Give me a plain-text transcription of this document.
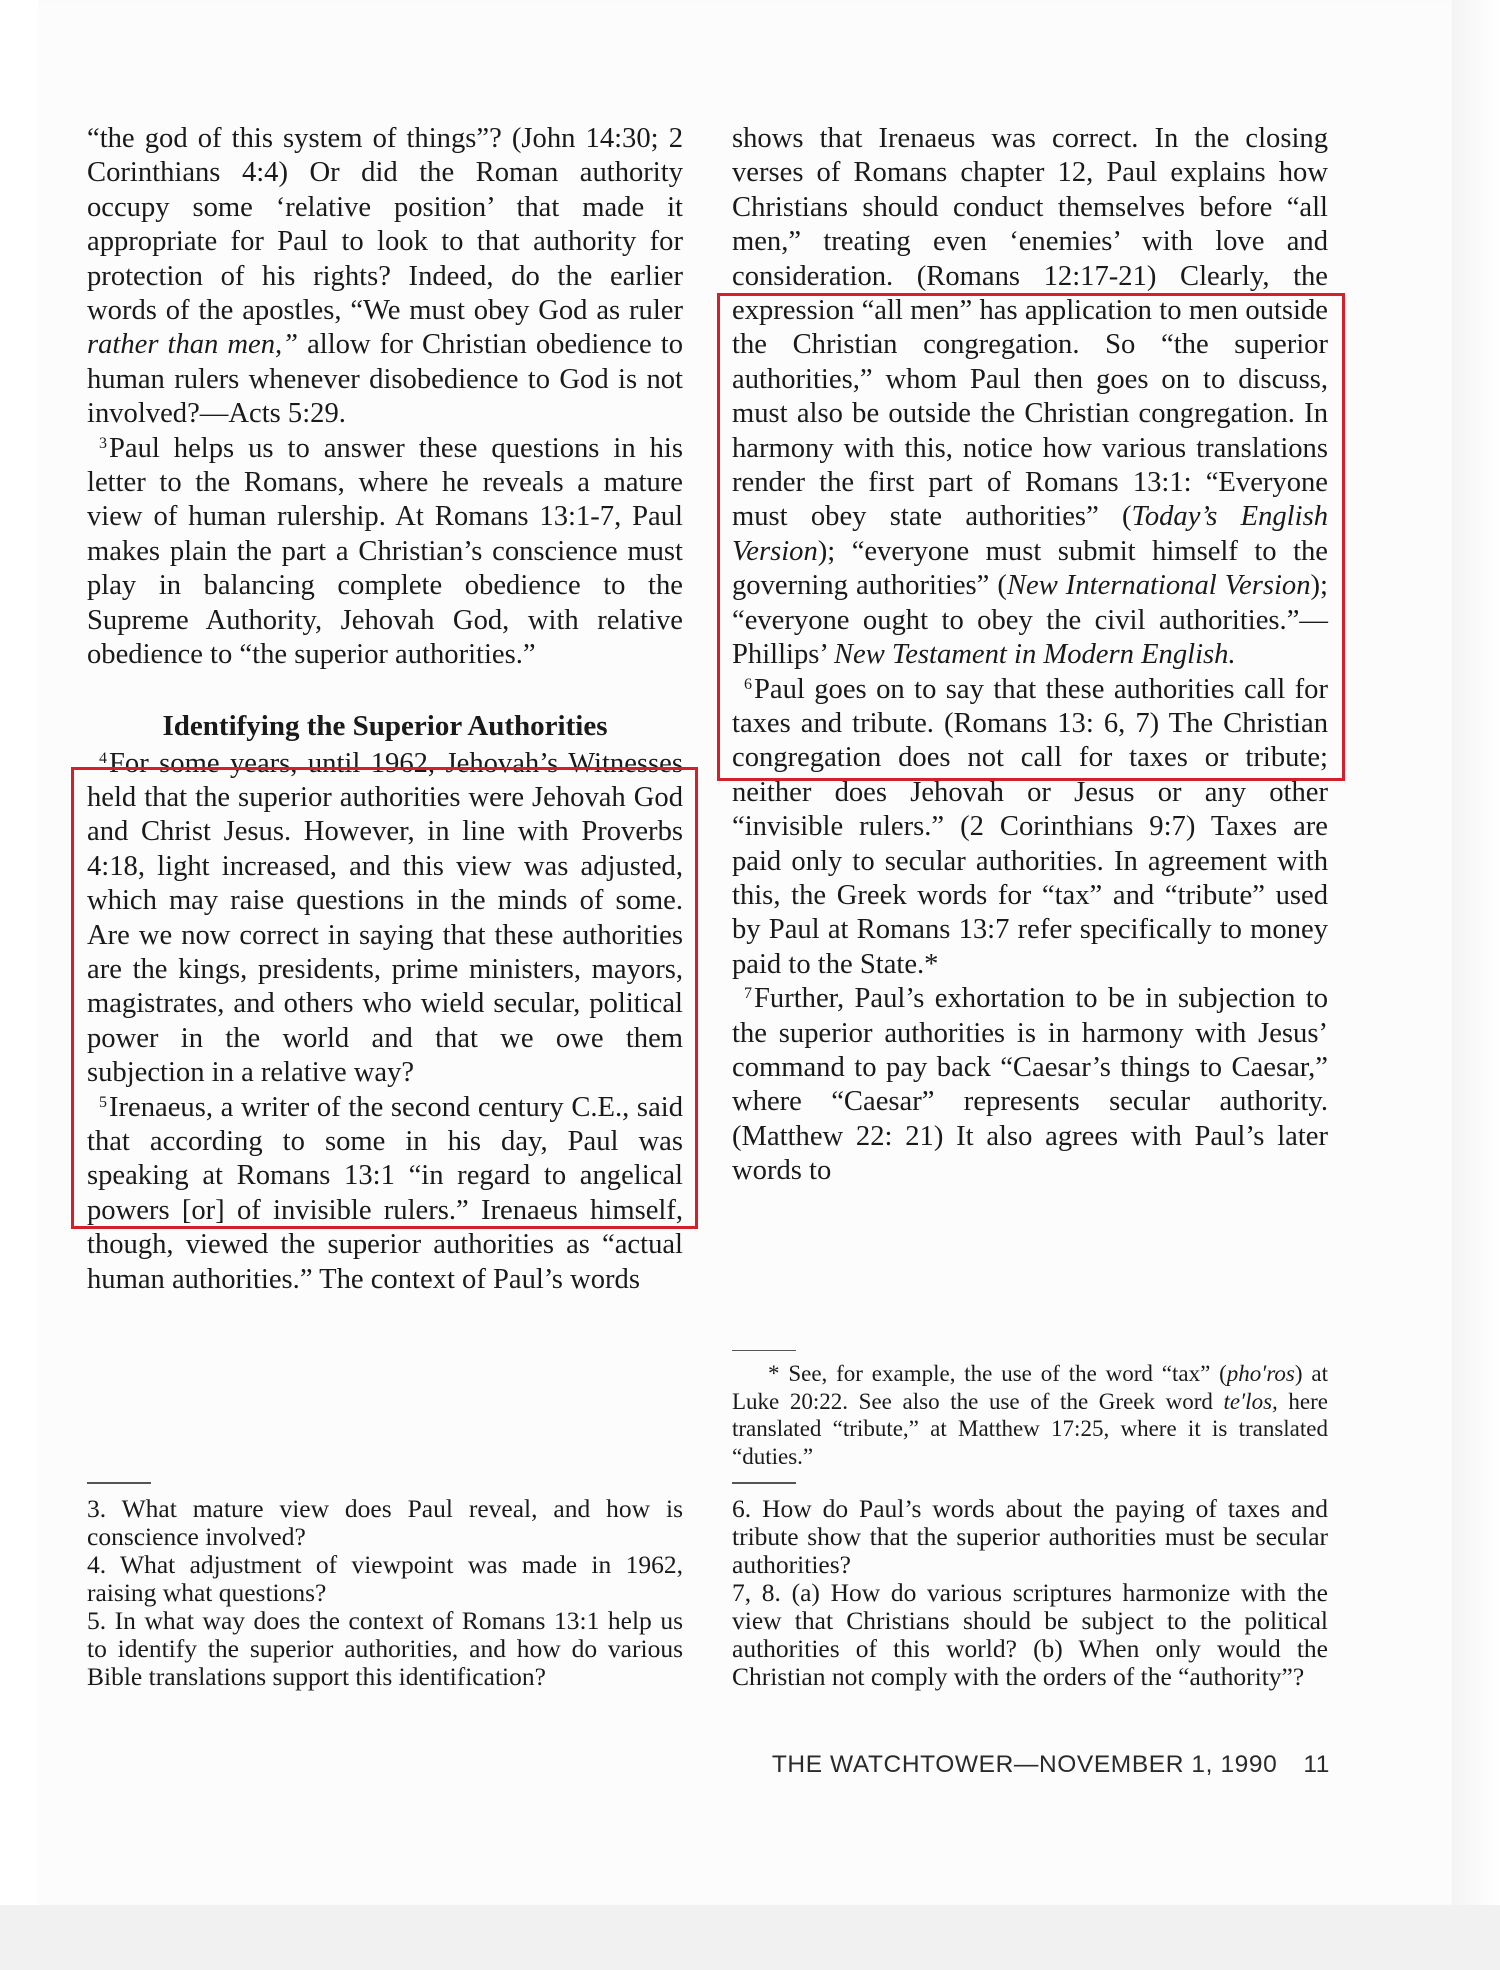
“the god of this system of things”? (John 14:30; 2 Corinthians 4:4) Or did the Roman authority occupy some ‘relative position’ that made it appropriate for Paul to look to that authority for protection of his rights? Indeed, do the earlier words of the apostles, “We must obey God as ruler rather than men,” allow for Christian obedience to human rulers whenever disobedience to God is not involved?—Acts 5:29.

$^3$Paul helps us to answer these questions in his letter to the Romans, where he reveals a mature view of human rulership. At Romans 13:1-7, Paul makes plain the part a Christian’s conscience must play in balancing complete obedience to the Supreme Authority, Jehovah God, with relative obedience to “the superior authorities.”

Identifying the Superior Authorities

$^4$For some years, until 1962, Jehovah’s Witnesses held that the superior authorities were Jehovah God and Christ Jesus. However, in line with Proverbs 4:18, light increased, and this view was adjusted, which may raise questions in the minds of some. Are we now correct in saying that these authorities are the kings, presidents, prime ministers, mayors, magistrates, and others who wield secular, political power in the world and that we owe them subjection in a relative way?

$^5$Irenaeus, a writer of the second century C.E., said that according to some in his day, Paul was speaking at Romans 13:1 “in regard to angelical powers [or] of invisible rulers.” Irenaeus himself, though, viewed the superior authorities as “actual human authorities.” The context of Paul’s words

shows that Irenaeus was correct. In the closing verses of Romans chapter 12, Paul explains how Christians should conduct themselves before “all men,” treating even ‘enemies’ with love and consideration. (Romans 12:17-21) Clearly, the expression “all men” has application to men outside the Christian congregation. So “the superior authorities,” whom Paul then goes on to discuss, must also be outside the Christian congregation. In harmony with this, notice how various translations render the first part of Romans 13:1: “Everyone must obey state authorities” (Today’s English Version); “everyone must submit himself to the governing authorities” (New International Version); “everyone ought to obey the civil authorities.”—Phillips’ New Testament in Modern English.

$^6$Paul goes on to say that these authorities call for taxes and tribute. (Romans 13: 6, 7) The Christian congregation does not call for taxes or tribute; neither does Jehovah or Jesus or any other “invisible rulers.” (2 Corinthians 9:7) Taxes are paid only to secular authorities. In agreement with this, the Greek words for “tax” and “tribute” used by Paul at Romans 13:7 refer specifically to money paid to the State.*

$^7$Further, Paul’s exhortation to be in subjection to the superior authorities is in harmony with Jesus’ command to pay back “Caesar’s things to Caesar,” where “Caesar” represents secular authority. (Matthew 22: 21) It also agrees with Paul’s later words to

* See, for example, the use of the word “tax” (pho′ros) at Luke 20:22. See also the use of the Greek word te′los, here translated “tribute,” at Matthew 17:25, where it is translated “duties.”
3. What mature view does Paul reveal, and how is conscience involved?
4. What adjustment of viewpoint was made in 1962, raising what questions?
5. In what way does the context of Romans 13:1 help us to identify the superior authorities, and how do various Bible translations support this identification?
6. How do Paul’s words about the paying of taxes and tribute show that the superior authorities must be secular authorities?
7, 8. (a) How do various scriptures harmonize with the view that Christians should be subject to the political authorities of this world? (b) When only would the Christian not comply with the orders of the “authority”?
THE WATCHTOWER—NOVEMBER 1, 1990 11
